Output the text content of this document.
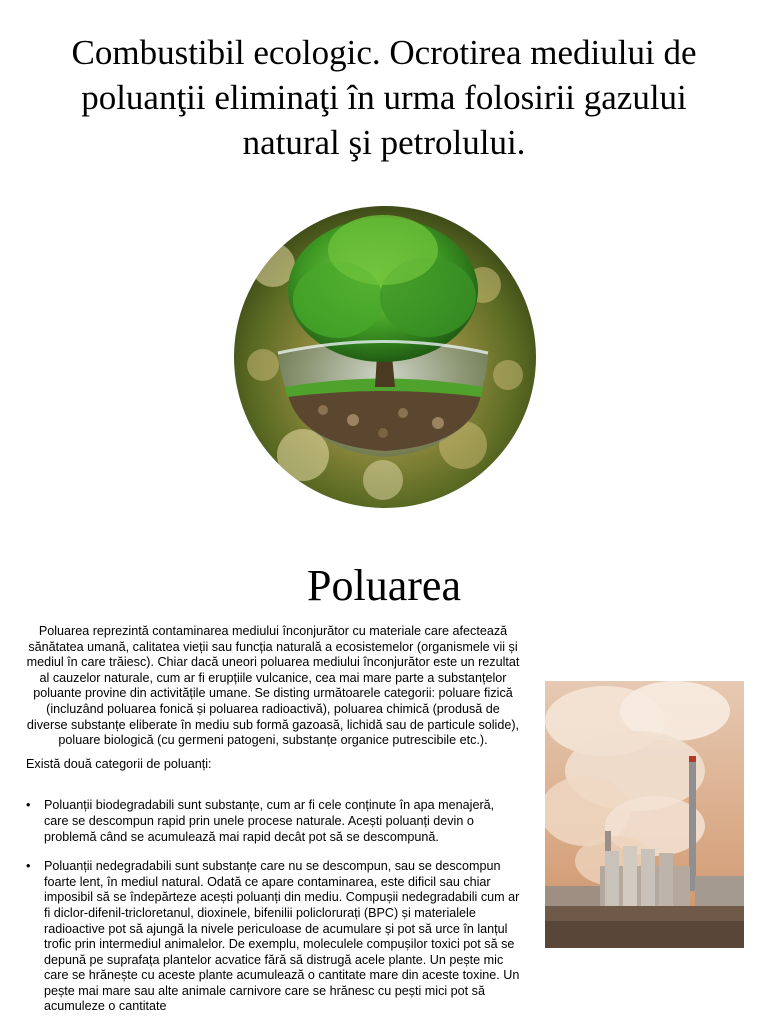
Combustibil ecologic. Ocrotirea mediului de poluanţii eliminaţi în urma folosirii gazului natural şi petrolului.
Poluarea

Poluarea reprezintă contaminarea mediului înconjurător cu materiale care afectează sănătatea umană, calitatea vieții sau funcția naturală a ecosistemelor (organismele vii și mediul în care trăiesc). Chiar dacă uneori poluarea mediului înconjurător este un rezultat al cauzelor naturale, cum ar fi erupțiile vulcanice, cea mai mare parte a substanțelor poluante provine din activitățile umane. Se disting următoarele categorii: poluare fizică (incluzând poluarea fonică și poluarea radioactivă), poluarea chimică (produsă de diverse substanțe eliberate în mediu sub formă gazoasă, lichidă sau de particule solide), poluare biologică (cu germeni patogeni, substanțe organice putrescibile etc.).

Există două categorii de poluanți:

• Poluanții biodegradabili sunt substanțe, cum ar fi cele conținute în apa menajeră, care se descompun rapid prin unele procese naturale. Acești poluanți devin o problemă când se acumulează mai rapid decât pot să se descompună.
• Poluanții nedegradabili sunt substanțe care nu se descompun, sau se descompun foarte lent, în mediul natural. Odată ce apare contaminarea, este dificil sau chiar imposibil să se îndepărteze acești poluanți din mediu. Compușii nedegradabili cum ar fi diclor-difenil-tricloretanul, dioxinele, bifenilii policlorurați (BPC) și materialele radioactive pot să ajungă la nivele periculoase de acumulare și pot să urce în lanțul trofic prin intermediul animalelor. De exemplu, moleculele compușilor toxici pot să se depună pe suprafața plantelor acvatice fără să distrugă acele plante. Un pește mic care se hrănește cu aceste plante acumulează o cantitate mare din aceste toxine. Un pește mai mare sau alte animale carnivore care se hrănesc cu pești mici pot să acumuleze o cantitate
